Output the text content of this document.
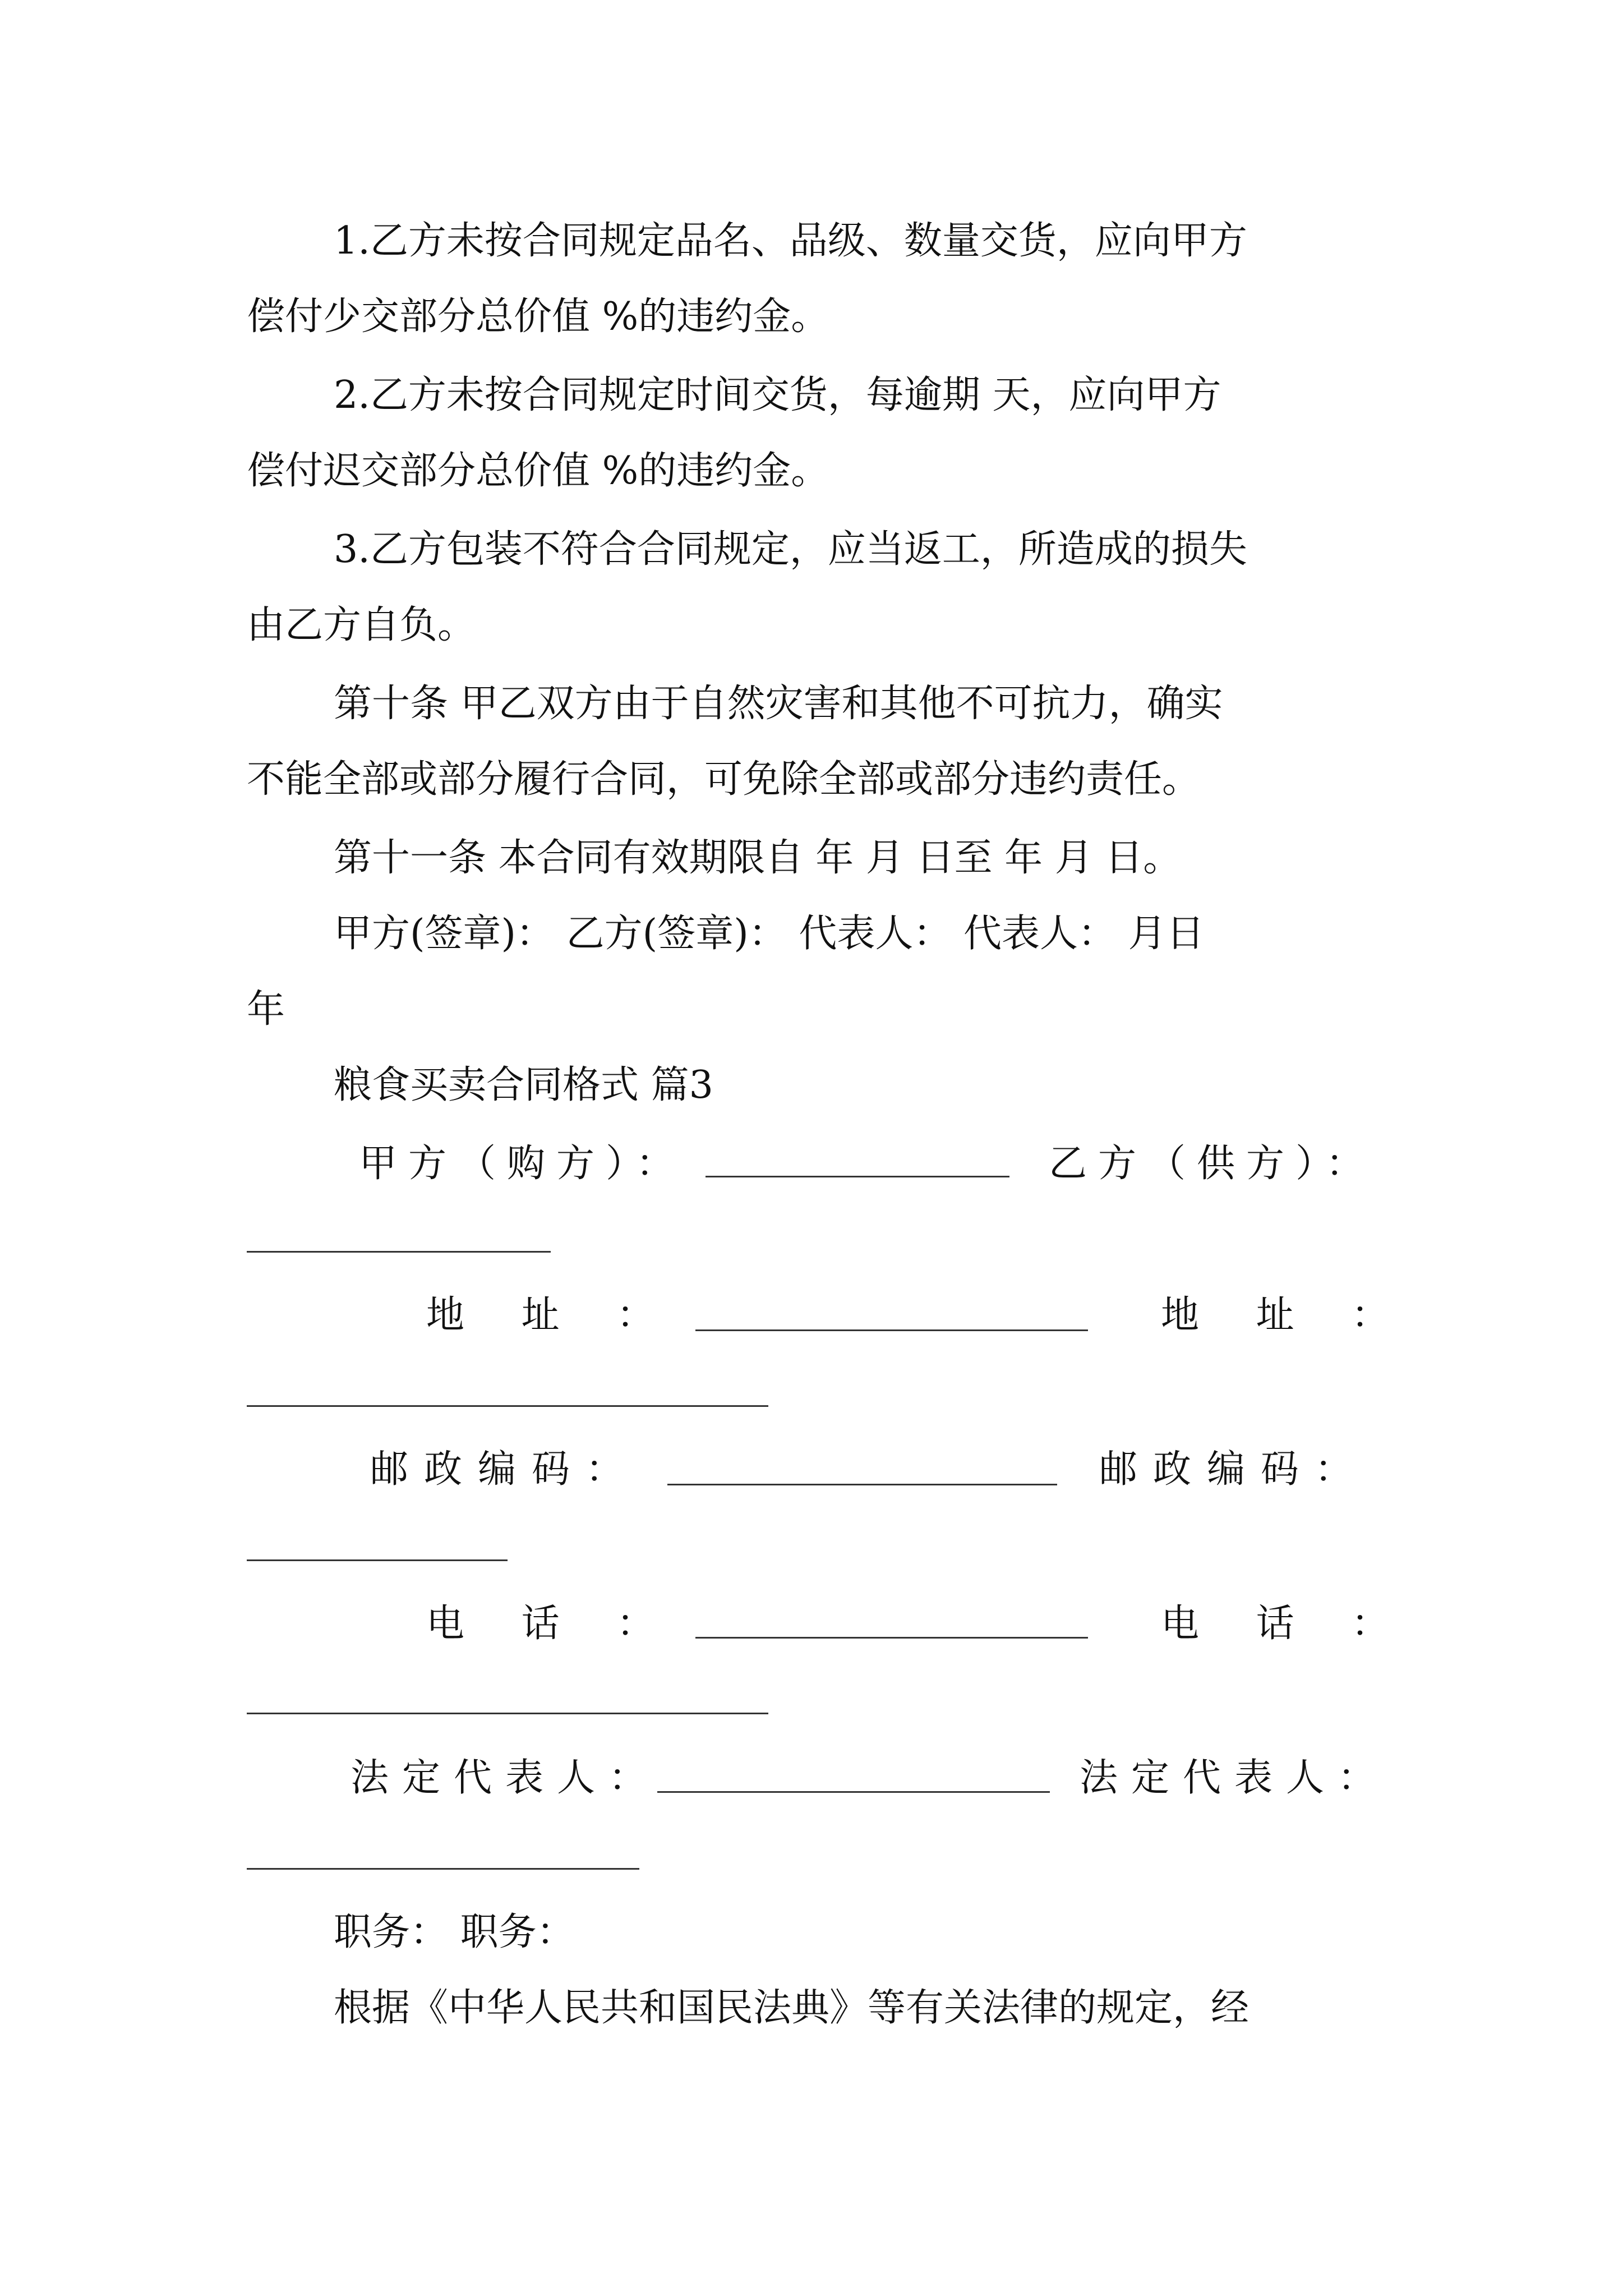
1.乙方未按合同规定品名、品级、数量交货，应向甲方
偿付少交部分总价值 %的违约金。
2.乙方未按合同规定时间交货，每逾期 天，应向甲方
偿付迟交部分总价值 %的违约金。
3.乙方包装不符合合同规定，应当返工，所造成的损失
由乙方自负。
第十条 甲乙双方由于自然灾害和其他不可抗力，确实
不能全部或部分履行合同，可免除全部或部分违约责任。
第十一条 本合同有效期限自 年 月 日至 年 月 日。
甲方(签章)： 乙方(签章)： 代表人： 代表人： 月日
年
粮食买卖合同格式 篇3
甲方（购方）：	乙方（供方）：
地 址 ：	地 址 ：
邮政编码：	邮政编码：
电 话 ：	电 话 ：
法定代表人：	法定代表人：
职务： 职务：
根据《中华人民共和国民法典》等有关法律的规定，经
